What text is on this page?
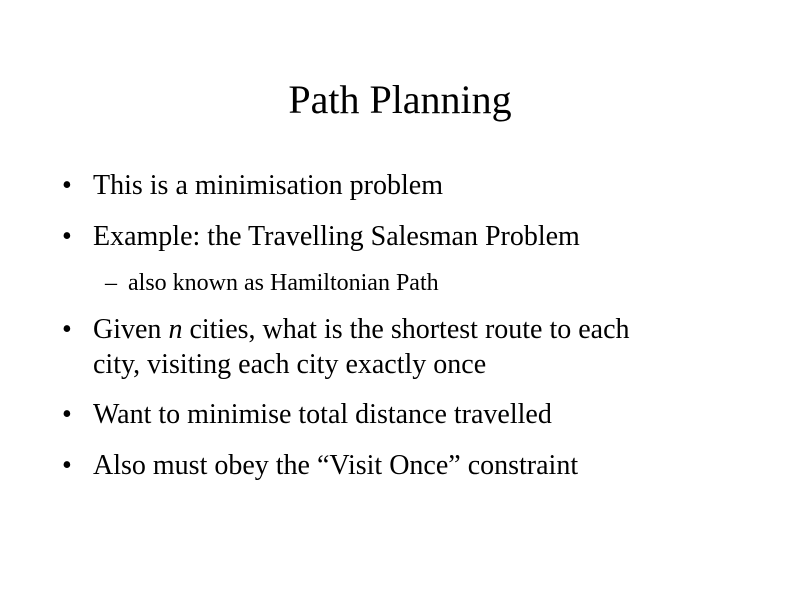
Path Planning
• This is a minimisation problem
• Example: the Travelling Salesman Problem
– also known as Hamiltonian Path
• Given n cities, what is the shortest route to each
city, visiting each city exactly once
• Want to minimise total distance travelled
• Also must obey the “Visit Once” constraint
